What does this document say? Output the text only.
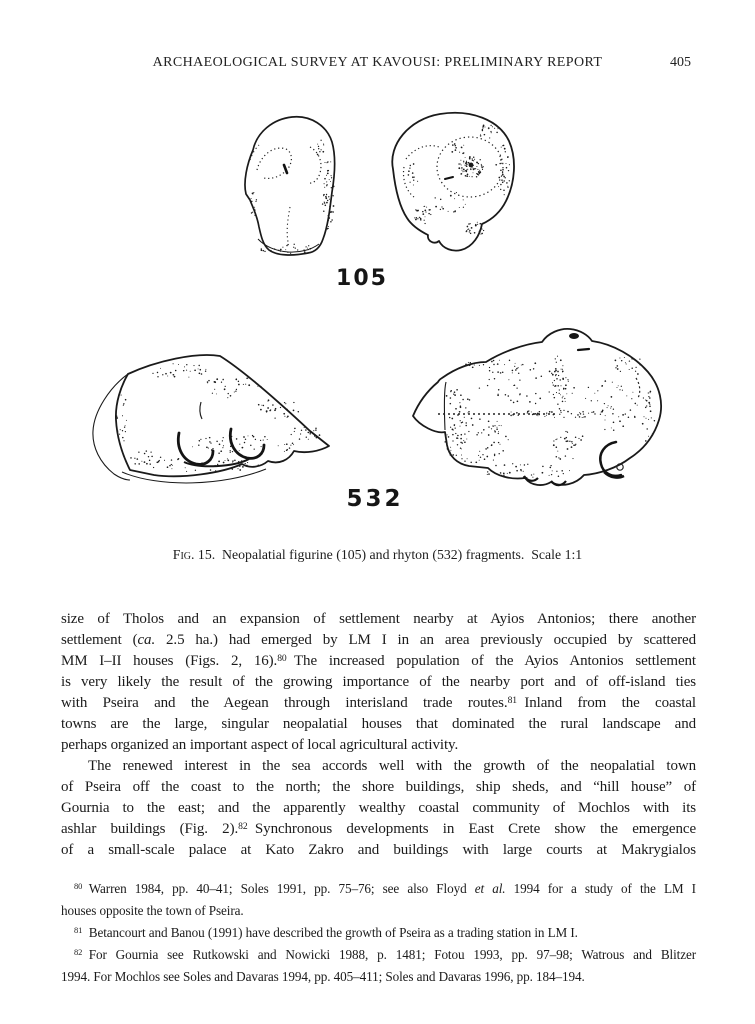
ARCHAEOLOGICAL SURVEY AT KAVOUSI: PRELIMINARY REPORT	405
105
532
Fig. 15. Neopalatial figurine (105) and rhyton (532) fragments. Scale 1:1
size of Tholos and an expansion of settlement nearby at Ayios Antonios; there another
settlement (ca. 2.5 ha.) had emerged by LM I in an area previously occupied by scattered
MM I–II houses (Figs. 2, 16).$^{80}$ The increased population of the Ayios Antonios settlement
is very likely the result of the growing importance of the nearby port and of off-island ties
with Pseira and the Aegean through interisland trade routes.$^{81}$ Inland from the coastal
towns are the large, singular neopalatial houses that dominated the rural landscape and
perhaps organized an important aspect of local agricultural activity.
The renewed interest in the sea accords well with the growth of the neopalatial town
of Pseira off the coast to the north; the shore buildings, ship sheds, and “hill house” of
Gournia to the east; and the apparently wealthy coastal community of Mochlos with its
ashlar buildings (Fig. 2).$^{82}$ Synchronous developments in East Crete show the emergence
of a small-scale palace at Kato Zakro and buildings with large courts at Makrygialos
$^{80}$ Warren 1984, pp. 40–41; Soles 1991, pp. 75–76; see also Floyd et al. 1994 for a study of the LM I
houses opposite the town of Pseira.
$^{81}$ Betancourt and Banou (1991) have described the growth of Pseira as a trading station in LM I.
$^{82}$ For Gournia see Rutkowski and Nowicki 1988, p. 1481; Fotou 1993, pp. 97–98; Watrous and Blitzer
1994. For Mochlos see Soles and Davaras 1994, pp. 405–411; Soles and Davaras 1996, pp. 184–194.
